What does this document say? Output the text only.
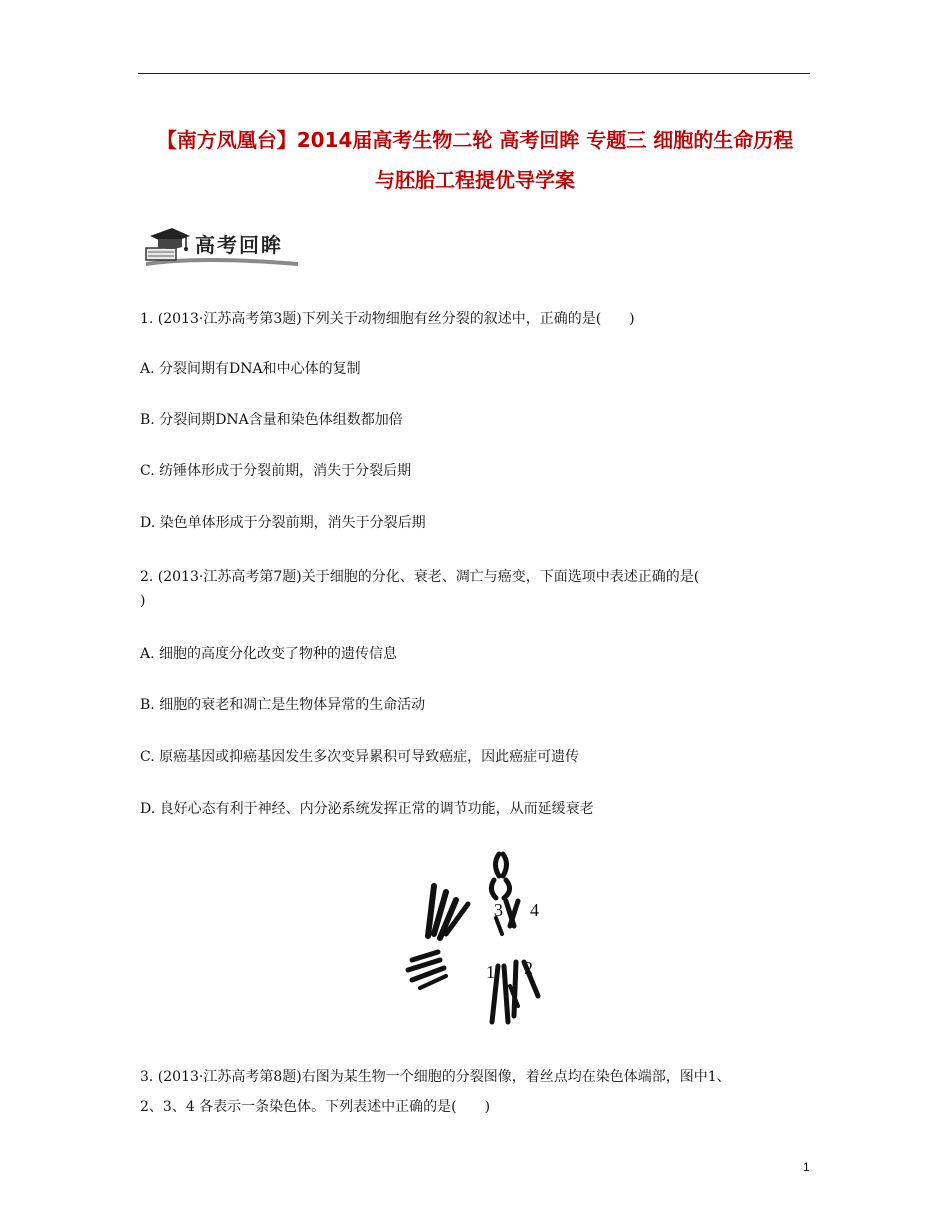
【南方凤凰台】2014届高考生物二轮 高考回眸 专题三 细胞的生命历程
与胚胎工程提优导学案
高考回眸
1. (2013·江苏高考第3题)下列关于动物细胞有丝分裂的叙述中，正确的是(　　)
A. 分裂间期有DNA和中心体的复制
B. 分裂间期DNA含量和染色体组数都加倍
C. 纺锤体形成于分裂前期，消失于分裂后期
D. 染色单体形成于分裂前期，消失于分裂后期
2. (2013·江苏高考第7题)关于细胞的分化、衰老、凋亡与癌变，下面选项中表述正确的是(
)
A. 细胞的高度分化改变了物种的遗传信息
B. 细胞的衰老和凋亡是生物体异常的生命活动
C. 原癌基因或抑癌基因发生多次变异累积可导致癌症，因此癌症可遗传
D. 良好心态有利于神经、内分泌系统发挥正常的调节功能，从而延缓衰老
3 4
1 2
3. (2013·江苏高考第8题)右图为某生物一个细胞的分裂图像，着丝点均在染色体端部，图中1、
2、3、4 各表示一条染色体。下列表述中正确的是(　　)
1
